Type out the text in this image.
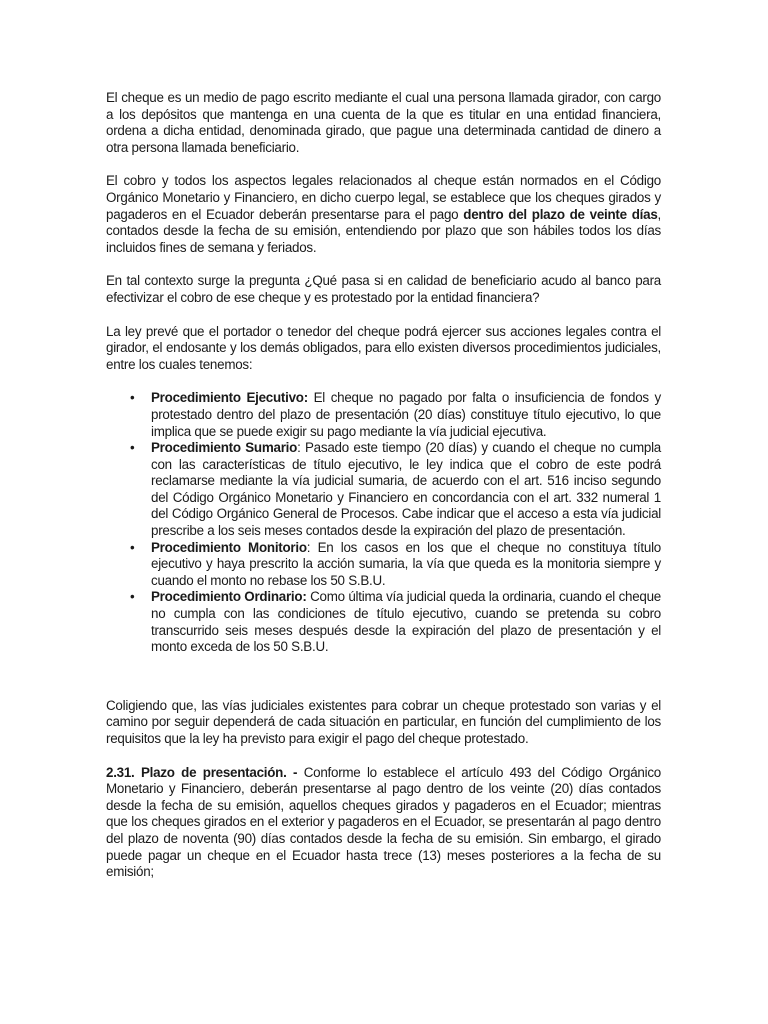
El cheque es un medio de pago escrito mediante el cual una persona llamada girador, con cargo a los depósitos que mantenga en una cuenta de la que es titular en una entidad financiera, ordena a dicha entidad, denominada girado, que pague una determinada cantidad de dinero a otra persona llamada beneficiario.

El cobro y todos los aspectos legales relacionados al cheque están normados en el Código Orgánico Monetario y Financiero, en dicho cuerpo legal, se establece que los cheques girados y pagaderos en el Ecuador deberán presentarse para el pago dentro del plazo de veinte días, contados desde la fecha de su emisión, entendiendo por plazo que son hábiles todos los días incluidos fines de semana y feriados.

En tal contexto surge la pregunta ¿Qué pasa si en calidad de beneficiario acudo al banco para efectivizar el cobro de ese cheque y es protestado por la entidad financiera?

La ley prevé que el portador o tenedor del cheque podrá ejercer sus acciones legales contra el girador, el endosante y los demás obligados, para ello existen diversos procedimientos judiciales, entre los cuales tenemos:

• Procedimiento Ejecutivo: El cheque no pagado por falta o insuficiencia de fondos y protestado dentro del plazo de presentación (20 días) constituye título ejecutivo, lo que implica que se puede exigir su pago mediante la vía judicial ejecutiva.
• Procedimiento Sumario: Pasado este tiempo (20 días) y cuando el cheque no cumpla con las características de título ejecutivo, le ley indica que el cobro de este podrá reclamarse mediante la vía judicial sumaria, de acuerdo con el art. 516 inciso segundo del Código Orgánico Monetario y Financiero en concordancia con el art. 332 numeral 1 del Código Orgánico General de Procesos. Cabe indicar que el acceso a esta vía judicial prescribe a los seis meses contados desde la expiración del plazo de presentación.
• Procedimiento Monitorio: En los casos en los que el cheque no constituya título ejecutivo y haya prescrito la acción sumaria, la vía que queda es la monitoria siempre y cuando el monto no rebase los 50 S.B.U.
• Procedimiento Ordinario: Como última vía judicial queda la ordinaria, cuando el cheque no cumpla con las condiciones de título ejecutivo, cuando se pretenda su cobro transcurrido seis meses después desde la expiración del plazo de presentación y el monto exceda de los 50 S.B.U.

Coligiendo que, las vías judiciales existentes para cobrar un cheque protestado son varias y el camino por seguir dependerá de cada situación en particular, en función del cumplimiento de los requisitos que la ley ha previsto para exigir el pago del cheque protestado.

2.31. Plazo de presentación. - Conforme lo establece el artículo 493 del Código Orgánico Monetario y Financiero, deberán presentarse al pago dentro de los veinte (20) días contados desde la fecha de su emisión, aquellos cheques girados y pagaderos en el Ecuador; mientras que los cheques girados en el exterior y pagaderos en el Ecuador, se presentarán al pago dentro del plazo de noventa (90) días contados desde la fecha de su emisión. Sin embargo, el girado puede pagar un cheque en el Ecuador hasta trece (13) meses posteriores a la fecha de su emisión;
